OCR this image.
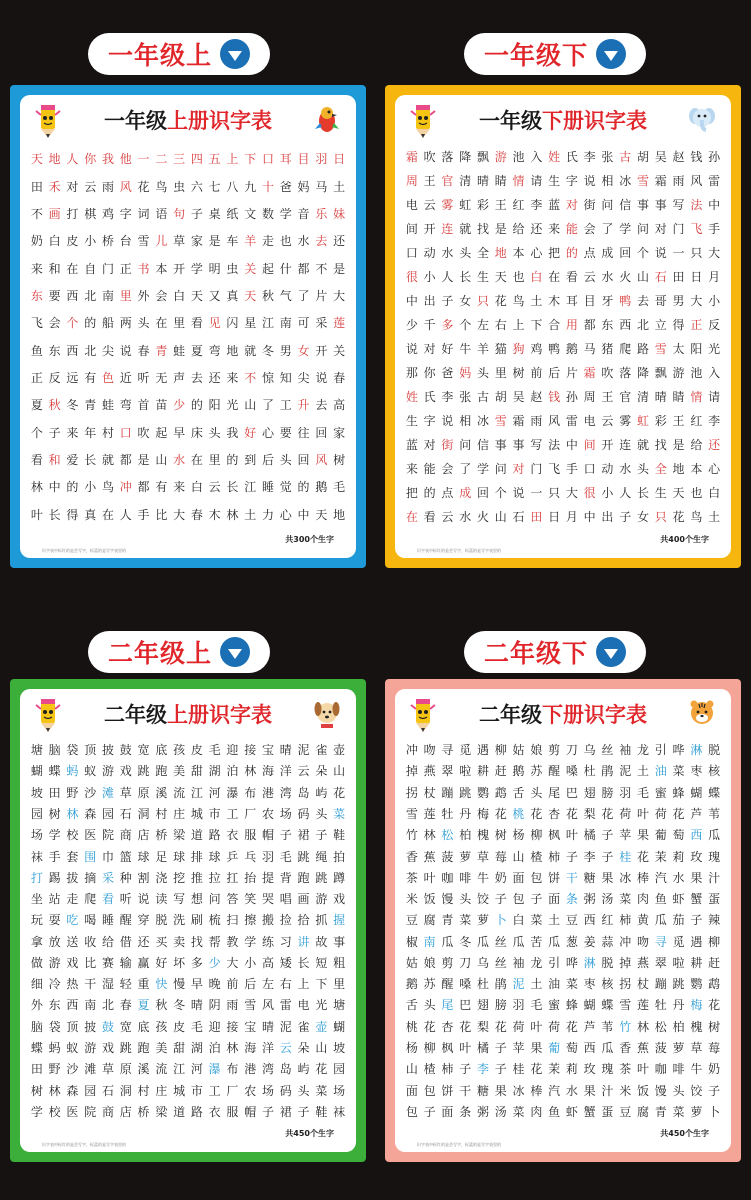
一年级上	一年级下
二年级上	二年级下
一年级上册识字表
天 地 人 你 我 他 一 二 三 四 五 上 下 口 耳 目 羽 日
田 禾 对 云 雨 风 花 鸟 虫 六 七 八 九 十 爸 妈 马 土
不 画 打 棋 鸡 字 词 语 句 子 桌 纸 文 数 学 音 乐 妹
奶 白 皮 小 桥 台 雪 儿 草 家 是 车 羊 走 也 水 去 还
来 和 在 自 门 正 书 本 开 学 明 虫 关 起 什 都 不 是
东 要 西 北 南 里 外 会 白 天 又 真 天 秋 气 了 片 大
飞 会 个 的 船 两 头 在 里 看 见 闪 星 江 南 可 采 莲
鱼 东 西 北 尖 说 春 青 蛙 夏 弯 地 就 冬 男 女 开 关
正 反 远 有 色 近 听 无 声 去 还 来 不 惊 知 尖 说 春
夏 秋 冬 青 蛙 弯 首 苗 少 的 阳 光 山 了 工 升 去 高
个 子 来 年 村 口 吹 起 早 床 头 我 好 心 要 往 回 家
看 和 爱 长 就 都 是 山 水 在 里 的 到 后 头 回 风 树
林 中 的 小 鸟 冲 都 有 来 白 云 长 江 睡 觉 的 鹅 毛
叶 长 得 真 在 人 手 比 大 春 木 林 土 力 心 中 天 地
共300个生字
识字表中标红的是会写字，标蓝的是写字表里的
一年级下册识字表
霜 吹 落 降 飘 游 池 入 姓 氏 李 张 古 胡 吴 赵 钱 孙
周 王 官 清 晴 睛 情 请 生 字 说 相 冰 雪 霜 雨 风 雷
电 云 雾 虹 彩 王 红 李 蓝 对 街 问 信 事 事 写 法 中
间 开 连 就 找 是 给 还 来 能 会 了 学 问 对 门 飞 手
口 动 水 头 全 地 本 心 把 的 点 成 回 个 说 一 只 大
很 小 人 长 生 天 也 白 在 看 云 水 火 山 石 田 日 月
中 出 子 女 只 花 鸟 土 木 耳 目 牙 鸭 去 哥 男 大 小
少 千 多 个 左 右 上 下 合 用 都 东 西 北 立 得 正 反
说 对 好 牛 羊 猫 狗 鸡 鸭 鹅 马 猪 爬 路 雪 太 阳 光
那 你 爸 妈 头 里 树 前 后 片 霜 吹 落 降 飘 游 池 入
姓 氏 李 张 古 胡 吴 赵 钱 孙 周 王 官 清 晴 睛 情 请
生 字 说 相 冰 雪 霜 雨 风 雷 电 云 雾 虹 彩 王 红 李
蓝 对 街 问 信 事 事 写 法 中 间 开 连 就 找 是 给 还
来 能 会 了 学 问 对 门 飞 手 口 动 水 头 全 地 本 心
把 的 点 成 回 个 说 一 只 大 很 小 人 长 生 天 也 白
在 看 云 水 火 山 石 田 日 月 中 出 子 女 只 花 鸟 土
共400个生字
识字表中标红的是会写字，标蓝的是写字表里的
二年级上册识字表
塘 脑 袋 顶 披 鼓 宽 底 孩 皮 毛 迎 接 宝 晴 泥 雀 壶
蝴 蝶 蚂 蚁 游 戏 跳 跑 美 甜 湖 泊 林 海 洋 云 朵 山
坡 田 野 沙 滩 草 原 溪 流 江 河 瀑 布 港 湾 岛 屿 花
园 树 林 森 园 石 洞 村 庄 城 市 工 厂 农 场 码 头 菜
场 学 校 医 院 商 店 桥 梁 道 路 衣 服 帽 子 裙 子 鞋
袜 手 套 围 巾 篮 球 足 球 排 球 乒 乓 羽 毛 跳 绳 拍
打 踢 拔 摘 采 种 割 浇 挖 推 拉 扛 抬 提 背 跑 跳 蹲
坐 站 走 爬 看 听 说 读 写 想 问 答 笑 哭 唱 画 游 戏
玩 耍 吃 喝 睡 醒 穿 脱 洗 刷 梳 扫 擦 搬 捡 拾 抓 握
拿 放 送 收 给 借 还 买 卖 找 帮 教 学 练 习 讲 故 事
做 游 戏 比 赛 输 赢 好 坏 多 少 大 小 高 矮 长 短 粗
细 冷 热 干 湿 轻 重 快 慢 早 晚 前 后 左 右 上 下 里
外 东 西 南 北 春 夏 秋 冬 晴 阴 雨 雪 风 雷 电 光 塘
脑 袋 顶 披 鼓 宽 底 孩 皮 毛 迎 接 宝 晴 泥 雀 壶 蝴
蝶 蚂 蚁 游 戏 跳 跑 美 甜 湖 泊 林 海 洋 云 朵 山 坡
田 野 沙 滩 草 原 溪 流 江 河 瀑 布 港 湾 岛 屿 花 园
树 林 森 园 石 洞 村 庄 城 市 工 厂 农 场 码 头 菜 场
学 校 医 院 商 店 桥 梁 道 路 衣 服 帽 子 裙 子 鞋 袜
共450个生字
识字表中标红的是会写字，标蓝的是写字表里的
二年级下册识字表
冲 吻 寻 觅 遇 柳 姑 娘 剪 刀 乌 丝 袖 龙 引 哗 淋 脱
掉 燕 翠 啦 耕 赶 鹅 苏 醒 嗓 杜 鹃 泥 土 油 菜 枣 核
拐 杖 蹦 跳 鹦 鹉 舌 头 尾 巴 翅 膀 羽 毛 蜜 蜂 蝴 蝶
雪 莲 牡 丹 梅 花 桃 花 杏 花 梨 花 荷 叶 荷 花 芦 苇
竹 林 松 柏 槐 树 杨 柳 枫 叶 橘 子 苹 果 葡 萄 西 瓜
香 蕉 菠 萝 草 莓 山 楂 柿 子 李 子 桂 花 茉 莉 玫 瑰
茶 叶 咖 啡 牛 奶 面 包 饼 干 糖 果 冰 棒 汽 水 果 汁
米 饭 馒 头 饺 子 包 子 面 条 粥 汤 菜 肉 鱼 虾 蟹 蛋
豆 腐 青 菜 萝 卜 白 菜 土 豆 西 红 柿 黄 瓜 茄 子 辣
椒 南 瓜 冬 瓜 丝 瓜 苦 瓜 葱 姜 蒜 冲 吻 寻 觅 遇 柳
姑 娘 剪 刀 乌 丝 袖 龙 引 哗 淋 脱 掉 燕 翠 啦 耕 赶
鹅 苏 醒 嗓 杜 鹃 泥 土 油 菜 枣 核 拐 杖 蹦 跳 鹦 鹉
舌 头 尾 巴 翅 膀 羽 毛 蜜 蜂 蝴 蝶 雪 莲 牡 丹 梅 花
桃 花 杏 花 梨 花 荷 叶 荷 花 芦 苇 竹 林 松 柏 槐 树
杨 柳 枫 叶 橘 子 苹 果 葡 萄 西 瓜 香 蕉 菠 萝 草 莓
山 楂 柿 子 李 子 桂 花 茉 莉 玫 瑰 茶 叶 咖 啡 牛 奶
面 包 饼 干 糖 果 冰 棒 汽 水 果 汁 米 饭 馒 头 饺 子
包 子 面 条 粥 汤 菜 肉 鱼 虾 蟹 蛋 豆 腐 青 菜 萝 卜
共450个生字
识字表中标红的是会写字，标蓝的是写字表里的
